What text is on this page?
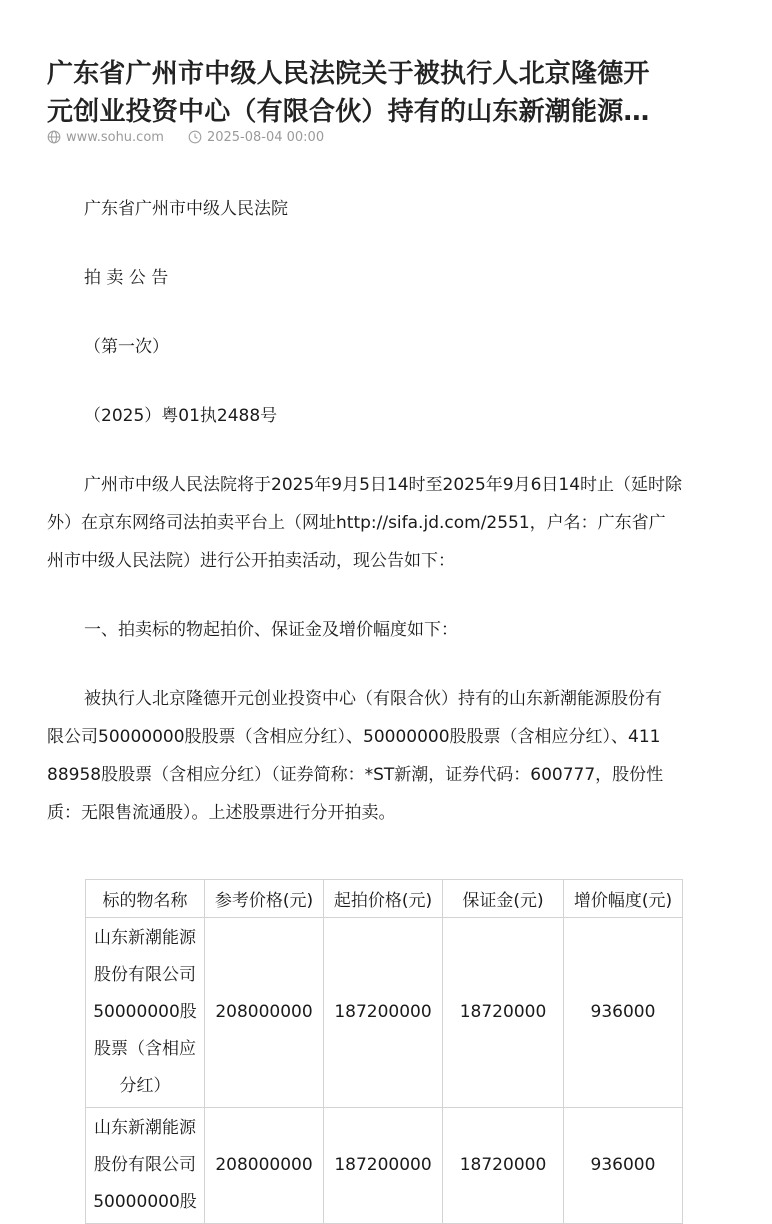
广东省广州市中级人民法院关于被执行人北京隆德开
元创业投资中心（有限合伙）持有的山东新潮能源…
www.sohu.com	2025-08-04 00:00

广东省广州市中级人民法院

拍 卖 公 告

（第一次）

（2025）粤01执2488号

广州市中级人民法院将于2025年9月5日14时至2025年9月6日14时止（延时除

外）在京东网络司法拍卖平台上（网址http://sifa.jd.com/2551，户名：广东省广

州市中级人民法院）进行公开拍卖活动，现公告如下：

一、拍卖标的物起拍价、保证金及增价幅度如下：

被执行人北京隆德开元创业投资中心（有限合伙）持有的山东新潮能源股份有

限公司50000000股股票（含相应分红）、50000000股股票（含相应分红）、411

88958股股票（含相应分红）（证券简称：*ST新潮，证券代码：600777，股份性

质：无限售流通股）。上述股票进行分开拍卖。

标的物名称	参考价格(元)	起拍价格(元)	保证金(元)	增价幅度(元)

山东新潮能源
股份有限公司
50000000股
股票（含相应
分红）	208000000	187200000	18720000	936000

山东新潮能源
股份有限公司
50000000股	208000000	187200000	18720000	936000
